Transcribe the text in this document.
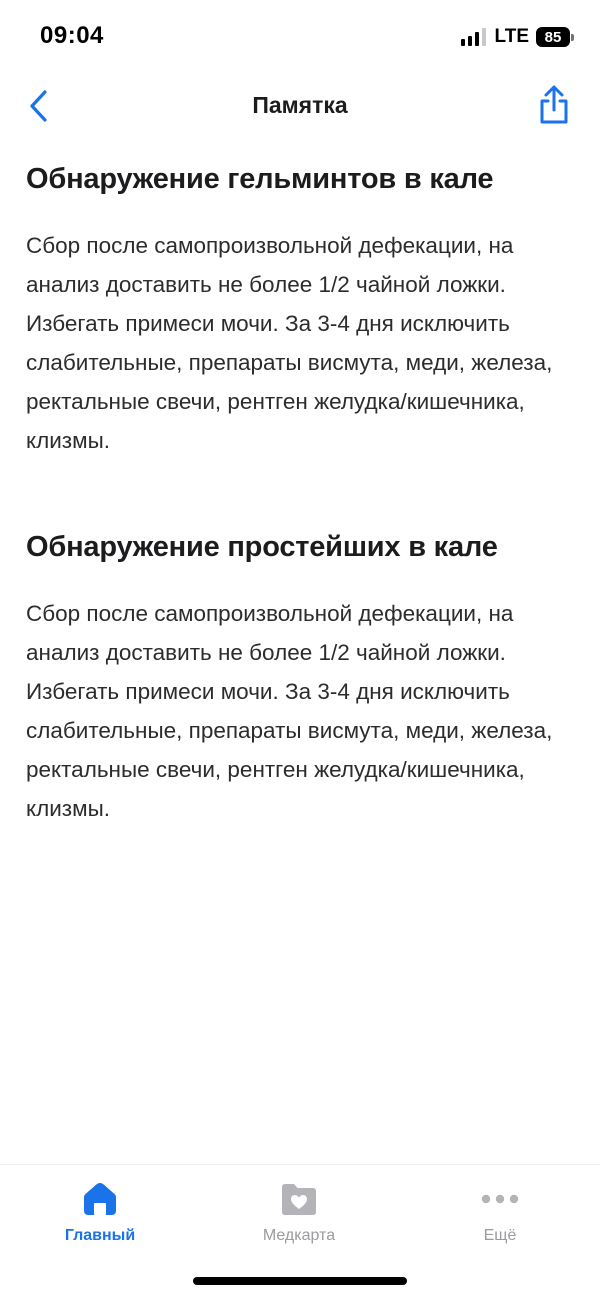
09:04	LTE	85
Памятка
Обнаружение гельминтов в кале
Сбор после самопроизвольной дефекации, на анализ доставить не более 1/2 чайной ложки. Избегать примеси мочи. За 3-4 дня исключить слабительные, препараты висмута, меди, железа, ректальные свечи, рентген желудка/кишечника, клизмы.
Обнаружение простейших в кале
Сбор после самопроизвольной дефекации, на анализ доставить не более 1/2 чайной ложки. Избегать примеси мочи. За 3-4 дня исключить слабительные, препараты висмута, меди, железа, ректальные свечи, рентген желудка/кишечника, клизмы.
Главный	Медкарта	Ещё
